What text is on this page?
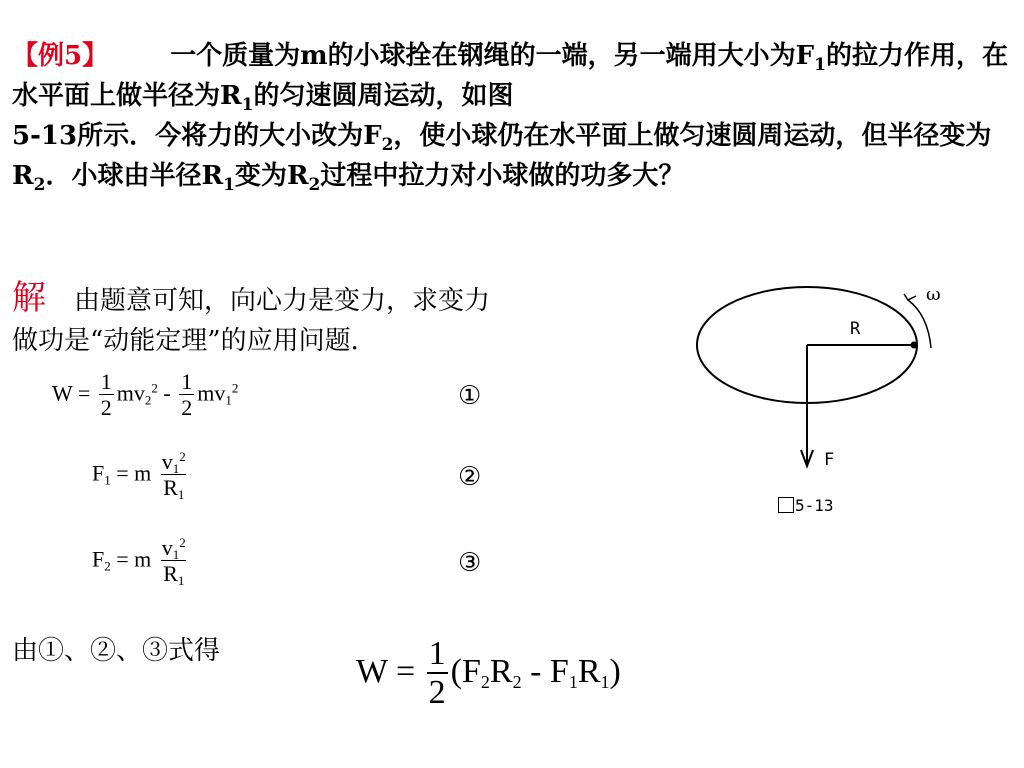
【例5】 一个质量为m的小球拴在钢绳的一端，另一端用大小为$F_1$的拉力作用，在水平面上做半径为$R_1$的匀速圆周运动，如图
5-13所示．今将力的大小改为$F_2$，使小球仍在水平面上做匀速圆周运动，但半径变为$R_2$．小球由半径$R_1$变为$R_2$过程中拉力对小球做的功多大？
解 由题意可知，向心力是变力，求变力
做功是“动能定理”的应用问题．
$W = \frac{1}{2} mv_2^2 - \frac{1}{2} mv_1^2$	①
$F_1 = m \frac{v_1^2}{R_1}$	②
$F_2 = m \frac{v_1^2}{R_1}$	③
由①、②、③式得
$W = \frac{1}{2} (F_2R_2 - F_1R_1)$
R
F
ω
5-13
